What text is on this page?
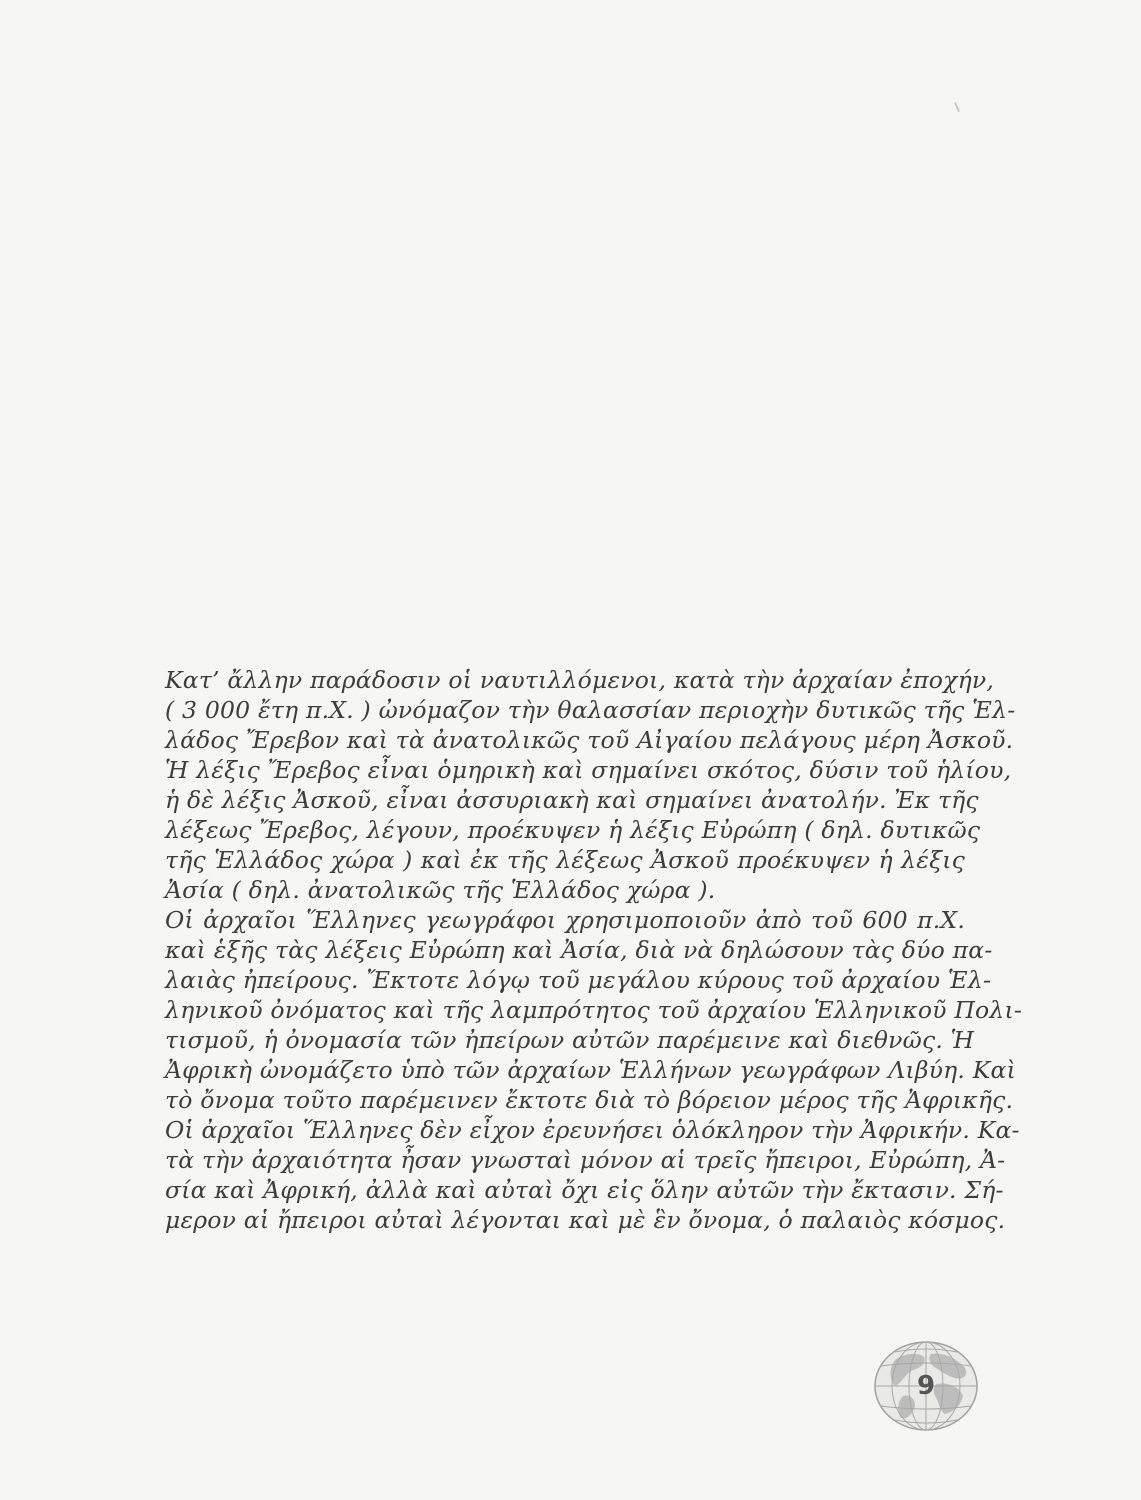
Κατ’ ἄλλην παράδοσιν οἱ ναυτιλλόμενοι, κατὰ τὴν ἀρχαίαν ἐποχήν,
( 3 000 ἔτη π.Χ. ) ὠνόμαζον τὴν θαλασσίαν περιοχὴν δυτικῶς τῆς Ἑλ-
λάδος Ἔρεβον καὶ τὰ ἀνατολικῶς τοῦ Αἰγαίου πελάγους μέρη Ἀσκοῦ.
Ἡ λέξις Ἔρεβος εἶναι ὁμηρικὴ καὶ σημαίνει σκότος, δύσιν τοῦ ἡλίου,
ἡ δὲ λέξις Ἀσκοῦ, εἶναι ἀσσυριακὴ καὶ σημαίνει ἀνατολήν. Ἐκ τῆς
λέξεως Ἔρεβος, λέγουν, προέκυψεν ἡ λέξις Εὐρώπη ( δηλ. δυτικῶς
τῆς Ἑλλάδος χώρα ) καὶ ἐκ τῆς λέξεως Ἀσκοῦ προέκυψεν ἡ λέξις
Ἀσία ( δηλ. ἀνατολικῶς τῆς Ἑλλάδος χώρα ).
Οἱ ἀρχαῖοι Ἕλληνες γεωγράφοι χρησιμοποιοῦν ἀπὸ τοῦ 600 π.Χ.
καὶ ἑξῆς τὰς λέξεις Εὐρώπη καὶ Ἀσία, διὰ νὰ δηλώσουν τὰς δύο πα-
λαιὰς ἠπείρους. Ἔκτοτε λόγῳ τοῦ μεγάλου κύρους τοῦ ἀρχαίου Ἑλ-
ληνικοῦ ὀνόματος καὶ τῆς λαμπρότητος τοῦ ἀρχαίου Ἑλληνικοῦ Πολι-
τισμοῦ, ἡ ὀνομασία τῶν ἠπείρων αὐτῶν παρέμεινε καὶ διεθνῶς. Ἡ
Ἀφρικὴ ὠνομάζετο ὑπὸ τῶν ἀρχαίων Ἑλλήνων γεωγράφων Λιβύη. Καὶ
τὸ ὄνομα τοῦτο παρέμεινεν ἔκτοτε διὰ τὸ βόρειον μέρος τῆς Ἀφρικῆς.
Οἱ ἀρχαῖοι Ἕλληνες δὲν εἶχον ἐρευνήσει ὁλόκληρον τὴν Ἀφρικήν. Κα-
τὰ τὴν ἀρχαιότητα ἦσαν γνωσταὶ μόνον αἱ τρεῖς ἤπειροι, Εὐρώπη, Ἀ-
σία καὶ Ἀφρική, ἀλλὰ καὶ αὐταὶ ὄχι εἰς ὅλην αὐτῶν τὴν ἔκτασιν. Σή-
μερον αἱ ἤπειροι αὐταὶ λέγονται καὶ μὲ ἓν ὄνομα, ὁ παλαιὸς κόσμος.
9
